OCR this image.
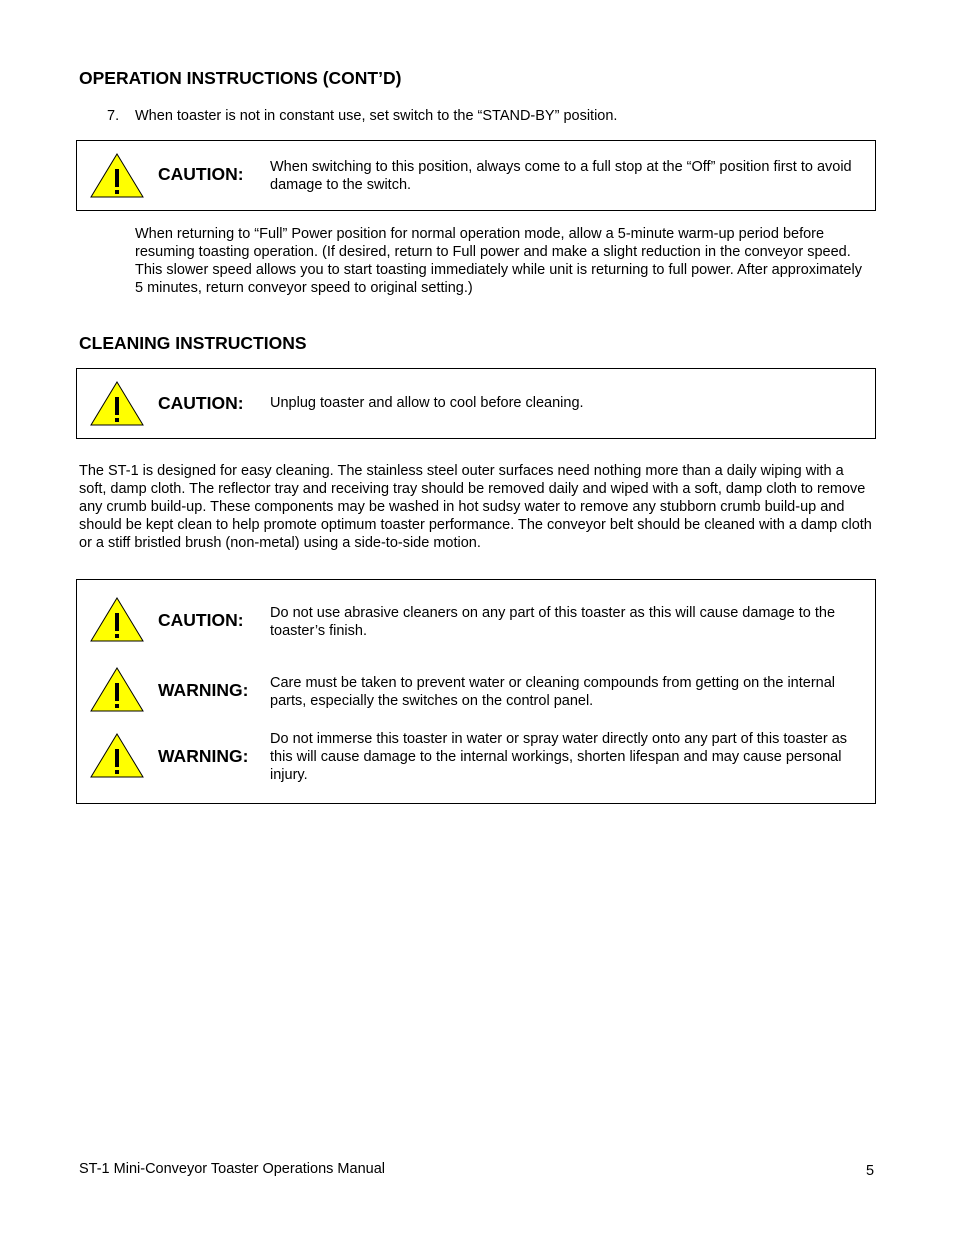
OPERATION INSTRUCTIONS (CONT’D)
7. When toaster is not in constant use, set switch to the “STAND-BY” position.
CAUTION: When switching to this position, always come to a full stop at the “Off” position first to avoid damage to the switch.
When returning to “Full” Power position for normal operation mode, allow a 5-minute warm-up period before resuming toasting operation. (If desired, return to Full power and make a slight reduction in the conveyor speed. This slower speed allows you to start toasting immediately while unit is returning to full power. After approximately 5 minutes, return conveyor speed to original setting.)
CLEANING INSTRUCTIONS
CAUTION: Unplug toaster and allow to cool before cleaning.
The ST-1 is designed for easy cleaning. The stainless steel outer surfaces need nothing more than a daily wiping with a soft, damp cloth. The reflector tray and receiving tray should be removed daily and wiped with a soft, damp cloth to remove any crumb build-up. These components may be washed in hot sudsy water to remove any stubborn crumb build-up and should be kept clean to help promote optimum toaster performance. The conveyor belt should be cleaned with a damp cloth or a stiff bristled brush (non-metal) using a side-to-side motion.
CAUTION: Do not use abrasive cleaners on any part of this toaster as this will cause damage to the toaster’s finish.
WARNING: Care must be taken to prevent water or cleaning compounds from getting on the internal parts, especially the switches on the control panel.
WARNING:
Do not immerse this toaster in water or spray water directly onto any part of this toaster as this will cause damage to the internal workings, shorten lifespan and may cause personal injury.
ST-1 Mini-Conveyor Toaster Operations Manual	5
